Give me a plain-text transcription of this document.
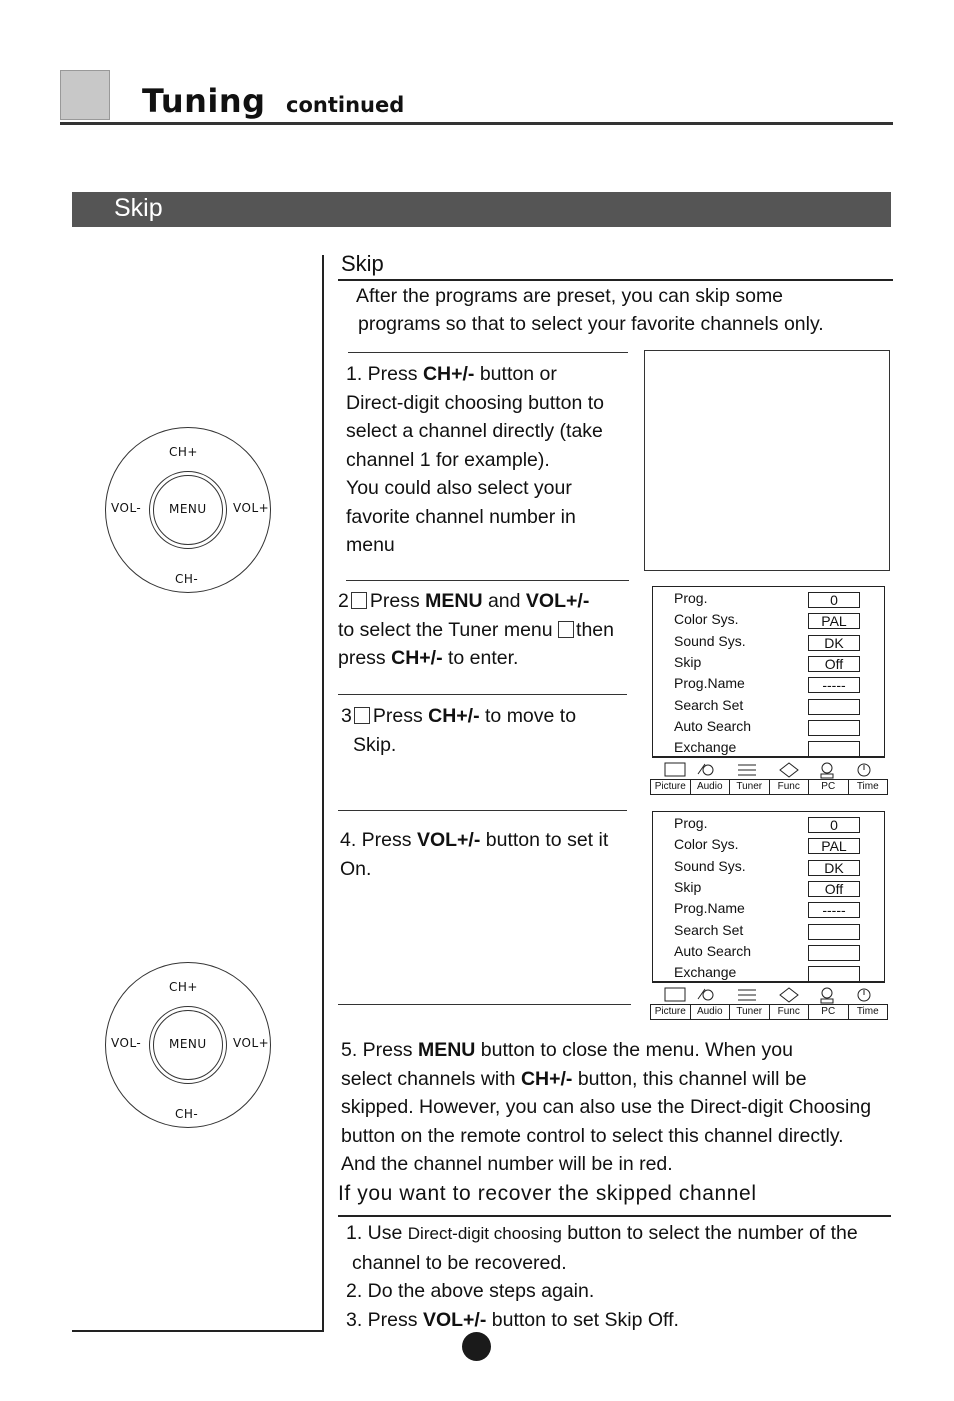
Tuning continued
Skip
Skip
After the programs are preset, you can skip some
programs so that to select your favorite channels only.
1. Press CH+/- button or
Direct-digit choosing button to
select a channel directly (take
channel 1 for example).
You could also select your
favorite channel number in
menu
2 Press MENU and VOL+/-
to select the Tuner menu then
press CH+/- to enter.
3 Press CH+/- to move to
Skip.
4. Press VOL+/- button to set it
On.
5. Press MENU button to close the menu. When you
select channels with CH+/- button, this channel will be
skipped. However, you can also use the Direct-digit Choosing
button on the remote control to select this channel directly.
And the channel number will be in red.
If you want to recover the skipped channel
1. Use Direct-digit choosing button to select the number of the
channel to be recovered.
2. Do the above steps again.
3. Press VOL+/- button to set Skip Off.
CH+
CH-
VOL-	VOL+
MENU
CH+
CH-
VOL-	VOL+
MENU
Prog.	0
Color Sys.	PAL
Sound Sys.	DK
Skip	Off
Prog.Name	-----
Search Set
Auto Search
Exchange
Picture	Audio	Tuner	Func	PC	Time
Prog.	0
Color Sys.	PAL
Sound Sys.	DK
Skip	Off
Prog.Name	-----
Search Set
Auto Search
Exchange
Picture	Audio	Tuner	Func	PC	Time
